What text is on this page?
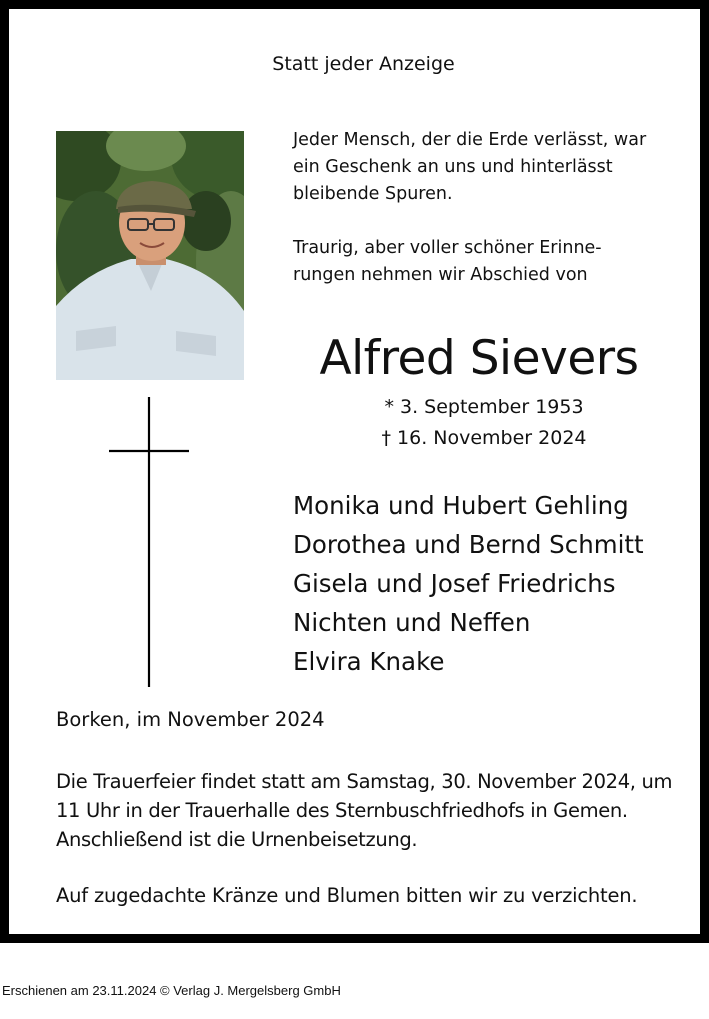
Statt jeder Anzeige
Jeder Mensch, der die Erde verlässt, war
ein Geschenk an uns und hinterlässt
bleibende Spuren.

Traurig, aber voller schöner Erinne-
rungen nehmen wir Abschied von
Alfred Sievers
* 3. September 1953
† 16. November 2024
Monika und Hubert Gehling
Dorothea und Bernd Schmitt
Gisela und Josef Friedrichs
Nichten und Neffen
Elvira Knake
Borken, im November 2024
Die Trauerfeier findet statt am Samstag, 30. November 2024, um
11 Uhr in der Trauerhalle des Sternbuschfriedhofs in Gemen.
Anschließend ist die Urnenbeisetzung.
Auf zugedachte Kränze und Blumen bitten wir zu verzichten.
Erschienen am 23.11.2024 © Verlag J. Mergelsberg GmbH
